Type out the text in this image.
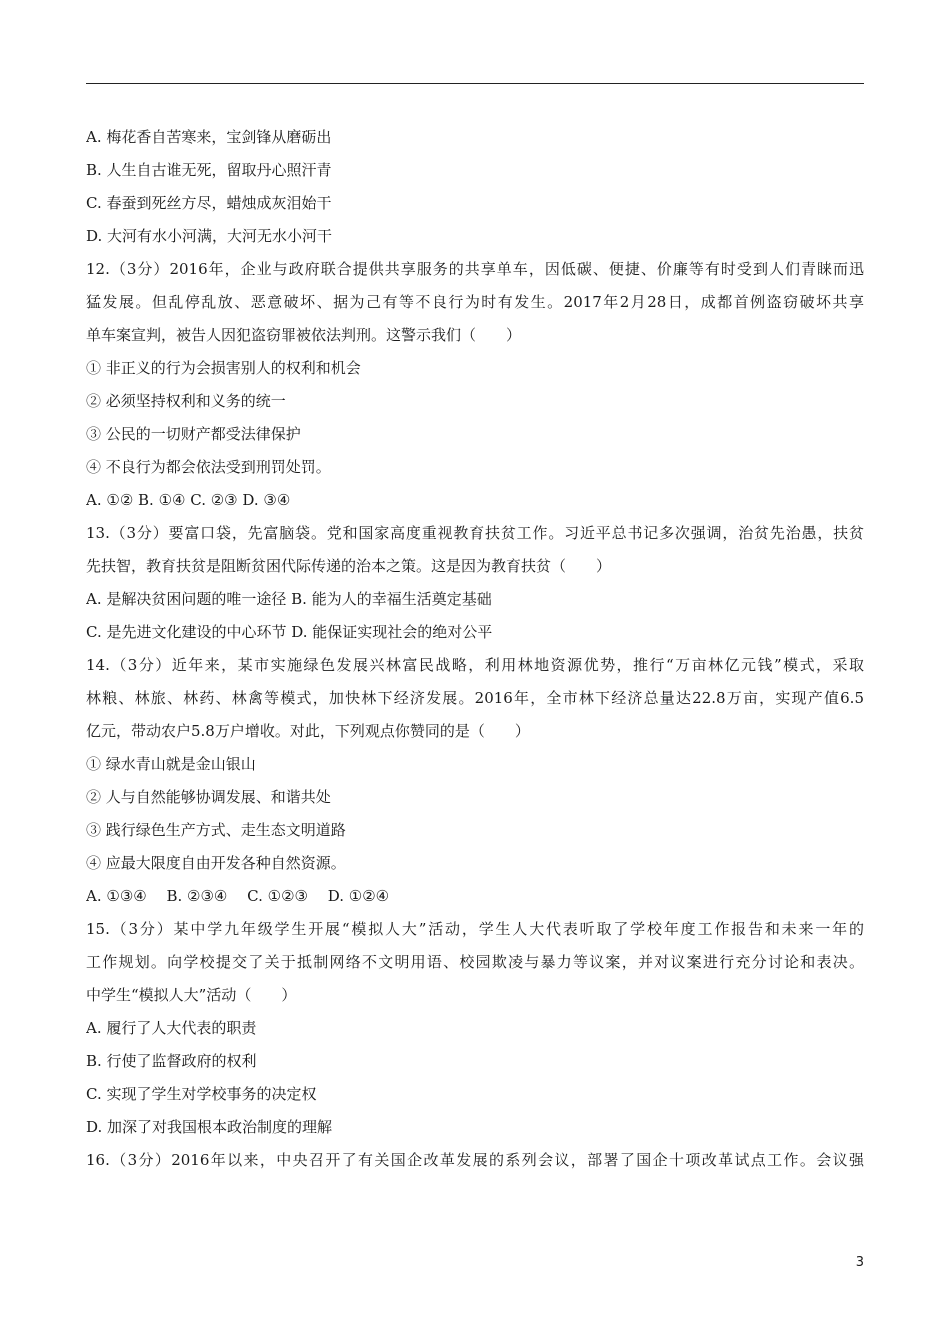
A. 梅花香自苦寒来，宝剑锋从磨砺出
B. 人生自古谁无死，留取丹心照汗青
C. 春蚕到死丝方尽，蜡烛成灰泪始干
D. 大河有水小河满，大河无水小河干
12.（3分）2016年，企业与政府联合提供共享服务的共享单车，因低碳、便捷、价廉等有时受到人们青睐而迅
猛发展。但乱停乱放、恶意破坏、据为己有等不良行为时有发生。2017年2月28日，成都首例盗窃破坏共享
单车案宣判，被告人因犯盗窃罪被依法判刑。这警示我们（　　）
① 非正义的行为会损害别人的权利和机会
② 必须坚持权利和义务的统一
③ 公民的一切财产都受法律保护
④ 不良行为都会依法受到刑罚处罚。
A. ①② B. ①④ C. ②③ D. ③④
13.（3分）要富口袋，先富脑袋。党和国家高度重视教育扶贫工作。习近平总书记多次强调，治贫先治愚，扶贫
先扶智，教育扶贫是阻断贫困代际传递的治本之策。这是因为教育扶贫（　　）
A. 是解决贫困问题的唯一途径 B. 能为人的幸福生活奠定基础
C. 是先进文化建设的中心环节 D. 能保证实现社会的绝对公平
14.（3分）近年来，某市实施绿色发展兴林富民战略，利用林地资源优势，推行“万亩林亿元钱”模式，采取
林粮、林旅、林药、林禽等模式，加快林下经济发展。2016年，全市林下经济总量达22.8万亩，实现产值6.5
亿元，带动农户5.8万户增收。对此，下列观点你赞同的是（　　）
① 绿水青山就是金山银山
② 人与自然能够协调发展、和谐共处
③ 践行绿色生产方式、走生态文明道路
④ 应最大限度自由开发各种自然资源。
A. ①③④　 B. ②③④　 C. ①②③　 D. ①②④
15.（3分）某中学九年级学生开展“模拟人大”活动，学生人大代表听取了学校年度工作报告和未来一年的
工作规划。向学校提交了关于抵制网络不文明用语、校园欺凌与暴力等议案，并对议案进行充分讨论和表决。
中学生“模拟人大”活动（　　）
A. 履行了人大代表的职责
B. 行使了监督政府的权利
C. 实现了学生对学校事务的决定权
D. 加深了对我国根本政治制度的理解
16.（3分）2016年以来，中央召开了有关国企改革发展的系列会议，部署了国企十项改革试点工作。会议强
3
